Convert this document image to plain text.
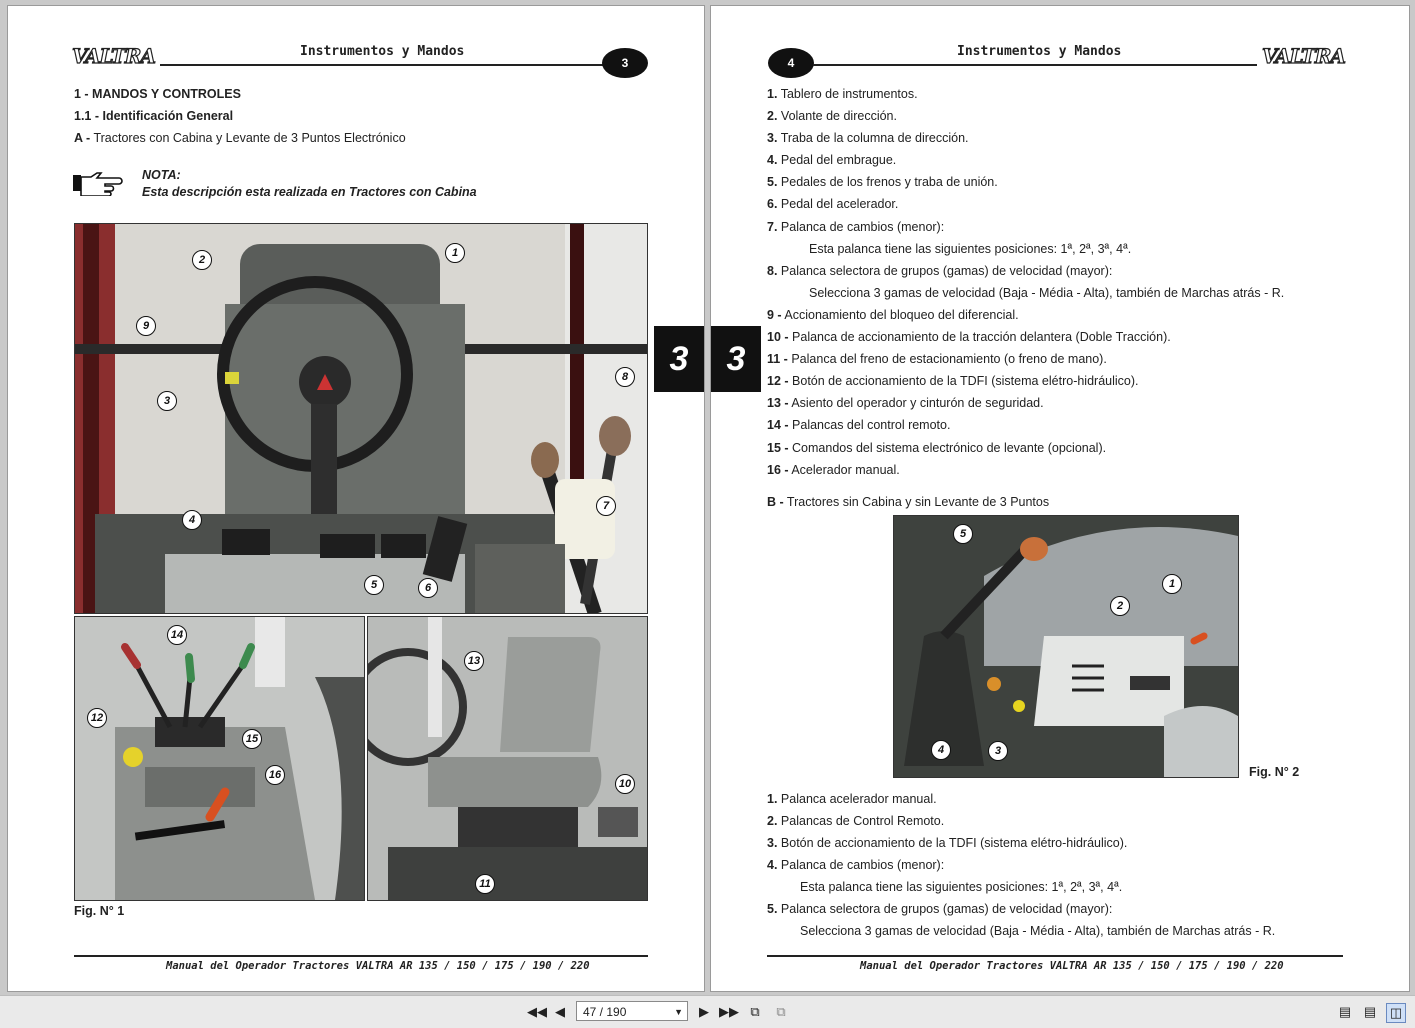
VALTRA	Instrumentos y Mandos
3
1 - MANDOS Y CONTROLES
1.1 - Identificación General
A - Tractores con Cabina y Levante de 3 Puntos Electrónico
NOTA:
Esta descripción esta realizada en Tractores con Cabina
1
2
3
4
5	6
7
8
9
14
12
15
16
13
10
11
Fig. N° 1
Manual del Operador Tractores VALTRA AR 135 / 150 / 175 / 190 / 220
3	3
4
Instrumentos y Mandos	VALTRA
1. Tablero de instrumentos.
2. Volante de dirección.
3. Traba de la columna de dirección.
4. Pedal del embrague.
5. Pedales de los frenos y traba de unión.
6. Pedal del acelerador.
7. Palanca de cambios (menor):
Esta palanca tiene las siguientes posiciones: 1ª, 2ª, 3ª, 4ª.
8. Palanca selectora de grupos (gamas) de velocidad (mayor):
Selecciona 3 gamas de velocidad (Baja - Média - Alta), también de Marchas atrás - R.
9 - Accionamiento del bloqueo del diferencial.
10 - Palanca de accionamiento de la tracción delantera (Doble Tracción).
11 - Palanca del freno de estacionamiento (o freno de mano).
12 - Botón de accionamiento de la TDFI (sistema elétro-hidráulico).
13 - Asiento del operador y cinturón de seguridad.
14 - Palancas del control remoto.
15 - Comandos del sistema electrónico de levante (opcional).
16 - Acelerador manual.
B - Tractores sin Cabina y sin Levante de 3 Puntos
5
1
2
4	3
Fig. N° 2
1. Palanca acelerador manual.
2. Palancas de Control Remoto.
3. Botón de accionamiento de la TDFI (sistema elétro-hidráulico).
4. Palanca de cambios (menor):
Esta palanca tiene las siguientes posiciones: 1ª, 2ª, 3ª, 4ª.
5. Palanca selectora de grupos (gamas) de velocidad (mayor):
Selecciona 3 gamas de velocidad (Baja - Média - Alta), también de Marchas atrás - R.
Manual del Operador Tractores VALTRA AR 135 / 150 / 175 / 190 / 220
◀◀ ◀	47 / 190	▼	▶ ▶▶ ⧉	⧉	▤ ▤ ◫
